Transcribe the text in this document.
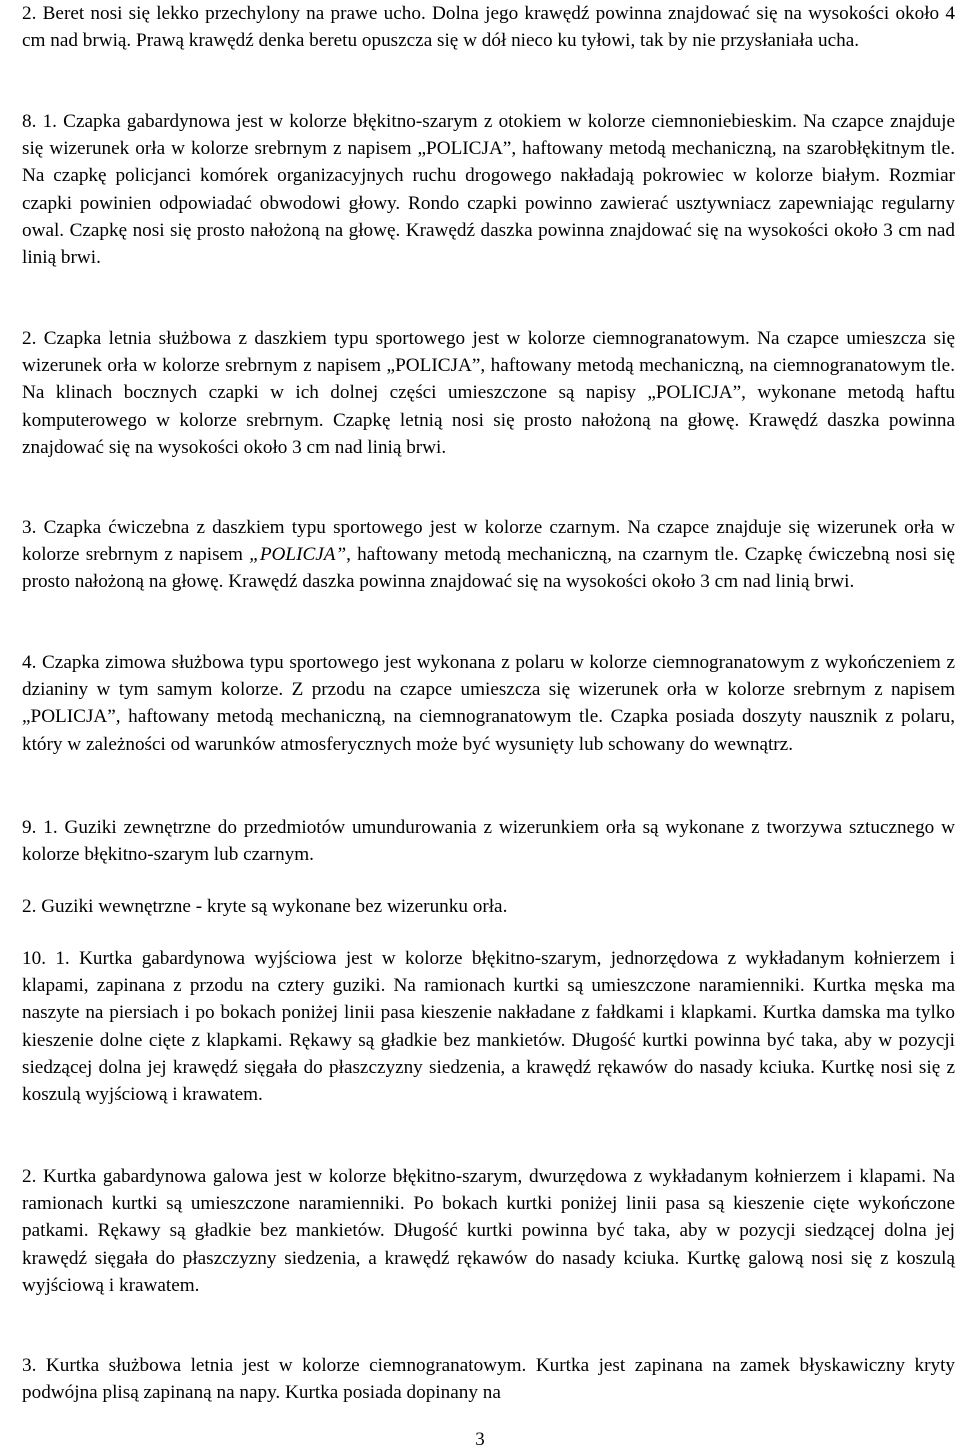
2. Beret nosi się lekko przechylony na prawe ucho. Dolna jego krawędź powinna znajdować się na wysokości około 4 cm nad brwią. Prawą krawędź denka beretu opuszcza się w dół nieco ku tyłowi, tak by nie przysłaniała ucha.

8. 1. Czapka gabardynowa jest w kolorze błękitno-szarym z otokiem w kolorze ciemnoniebieskim. Na czapce znajduje się wizerunek orła w kolorze srebrnym z napisem „POLICJA”, haftowany metodą mechaniczną, na szarobłękitnym tle. Na czapkę policjanci komórek organizacyjnych ruchu drogowego nakładają pokrowiec w kolorze białym. Rozmiar czapki powinien odpowiadać obwodowi głowy. Rondo czapki powinno zawierać usztywniacz zapewniając regularny owal. Czapkę nosi się prosto nałożoną na głowę. Krawędź daszka powinna znajdować się na wysokości około 3 cm nad linią brwi.

2. Czapka letnia służbowa z daszkiem typu sportowego jest w kolorze ciemnogranatowym. Na czapce umieszcza się wizerunek orła w kolorze srebrnym z napisem „POLICJA”, haftowany metodą mechaniczną, na ciemnogranatowym tle. Na klinach bocznych czapki w ich dolnej części umieszczone są napisy „POLICJA”, wykonane metodą haftu komputerowego w kolorze srebrnym. Czapkę letnią nosi się prosto nałożoną na głowę. Krawędź daszka powinna znajdować się na wysokości około 3 cm nad linią brwi.

3. Czapka ćwiczebna z daszkiem typu sportowego jest w kolorze czarnym. Na czapce znajduje się wizerunek orła w kolorze srebrnym z napisem „POLICJA”, haftowany metodą mechaniczną, na czarnym tle. Czapkę ćwiczebną nosi się prosto nałożoną na głowę. Krawędź daszka powinna znajdować się na wysokości około 3 cm nad linią brwi.

4. Czapka zimowa służbowa typu sportowego jest wykonana z polaru w kolorze ciemnogranatowym z wykończeniem z dzianiny w tym samym kolorze. Z przodu na czapce umieszcza się wizerunek orła w kolorze srebrnym z napisem „POLICJA”, haftowany metodą mechaniczną, na ciemnogranatowym tle. Czapka posiada doszyty nausznik z polaru, który w zależności od warunków atmosferycznych może być wysunięty lub schowany do wewnątrz.

9. 1. Guziki zewnętrzne do przedmiotów umundurowania z wizerunkiem orła są wykonane z tworzywa sztucznego w kolorze błękitno-szarym lub czarnym.

2. Guziki wewnętrzne - kryte są wykonane bez wizerunku orła.

10. 1. Kurtka gabardynowa wyjściowa jest w kolorze błękitno-szarym, jednorzędowa z wykładanym kołnierzem i klapami, zapinana z przodu na cztery guziki. Na ramionach kurtki są umieszczone naramienniki. Kurtka męska ma naszyte na piersiach i po bokach poniżej linii pasa kieszenie nakładane z fałdkami i klapkami. Kurtka damska ma tylko kieszenie dolne cięte z klapkami. Rękawy są gładkie bez mankietów. Długość kurtki powinna być taka, aby w pozycji siedzącej dolna jej krawędź sięgała do płaszczyzny siedzenia, a krawędź rękawów do nasady kciuka. Kurtkę nosi się z koszulą wyjściową i krawatem.

2. Kurtka gabardynowa galowa jest w kolorze błękitno-szarym, dwurzędowa z wykładanym kołnierzem i klapami. Na ramionach kurtki są umieszczone naramienniki. Po bokach kurtki poniżej linii pasa są kieszenie cięte wykończone patkami. Rękawy są gładkie bez mankietów. Długość kurtki powinna być taka, aby w pozycji siedzącej dolna jej krawędź sięgała do płaszczyzny siedzenia, a krawędź rękawów do nasady kciuka. Kurtkę galową nosi się z koszulą wyjściową i krawatem.

3. Kurtka służbowa letnia jest w kolorze ciemnogranatowym. Kurtka jest zapinana na zamek błyskawiczny kryty podwójna plisą zapinaną na napy. Kurtka posiada dopinany na

3
